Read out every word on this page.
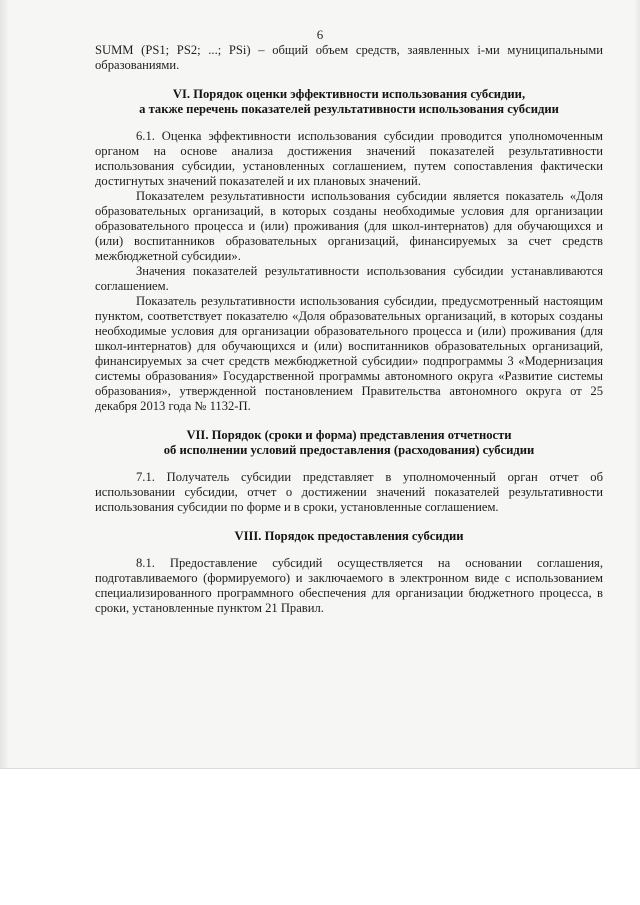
6

SUMM (PS1; PS2; ...; PSi) – общий объем средств, заявленных i-ми муниципальными образованиями.

VI. Порядок оценки эффективности использования субсидии,

а также перечень показателей результативности использования субсидии

6.1. Оценка эффективности использования субсидии проводится уполномоченным органом на основе анализа достижения значений показателей результативности использования субсидии, установленных соглашением, путем сопоставления фактически достигнутых значений показателей и их плановых значений.

Показателем результативности использования субсидии является показатель «Доля образовательных организаций, в которых созданы необходимые условия для организации образовательного процесса и (или) проживания (для школ-интернатов) для обучающихся и (или) воспитанников образовательных организаций, финансируемых за счет средств межбюджетной субсидии».

Значения показателей результативности использования субсидии устанавливаются соглашением.

Показатель результативности использования субсидии, предусмотренный настоящим пунктом, соответствует показателю «Доля образовательных организаций, в которых созданы необходимые условия для организации образовательного процесса и (или) проживания (для школ-интернатов) для обучающихся и (или) воспитанников образовательных организаций, финансируемых за счет средств межбюджетной субсидии» подпрограммы 3 «Модернизация системы образования» Государственной программы автономного округа «Развитие системы образования», утвержденной постановлением Правительства автономного округа от 25 декабря 2013 года № 1132-П.

VII. Порядок (сроки и форма) представления отчетности

об исполнении условий предоставления (расходования) субсидии

7.1. Получатель субсидии представляет в уполномоченный орган отчет об использовании субсидии, отчет о достижении значений показателей результативности использования субсидии по форме и в сроки, установленные соглашением.

VIII. Порядок предоставления субсидии

8.1. Предоставление субсидий осуществляется на основании соглашения, подготавливаемого (формируемого) и заключаемого в электронном виде с использованием специализированного программного обеспечения для организации бюджетного процесса, в сроки, установленные пунктом 21 Правил.
